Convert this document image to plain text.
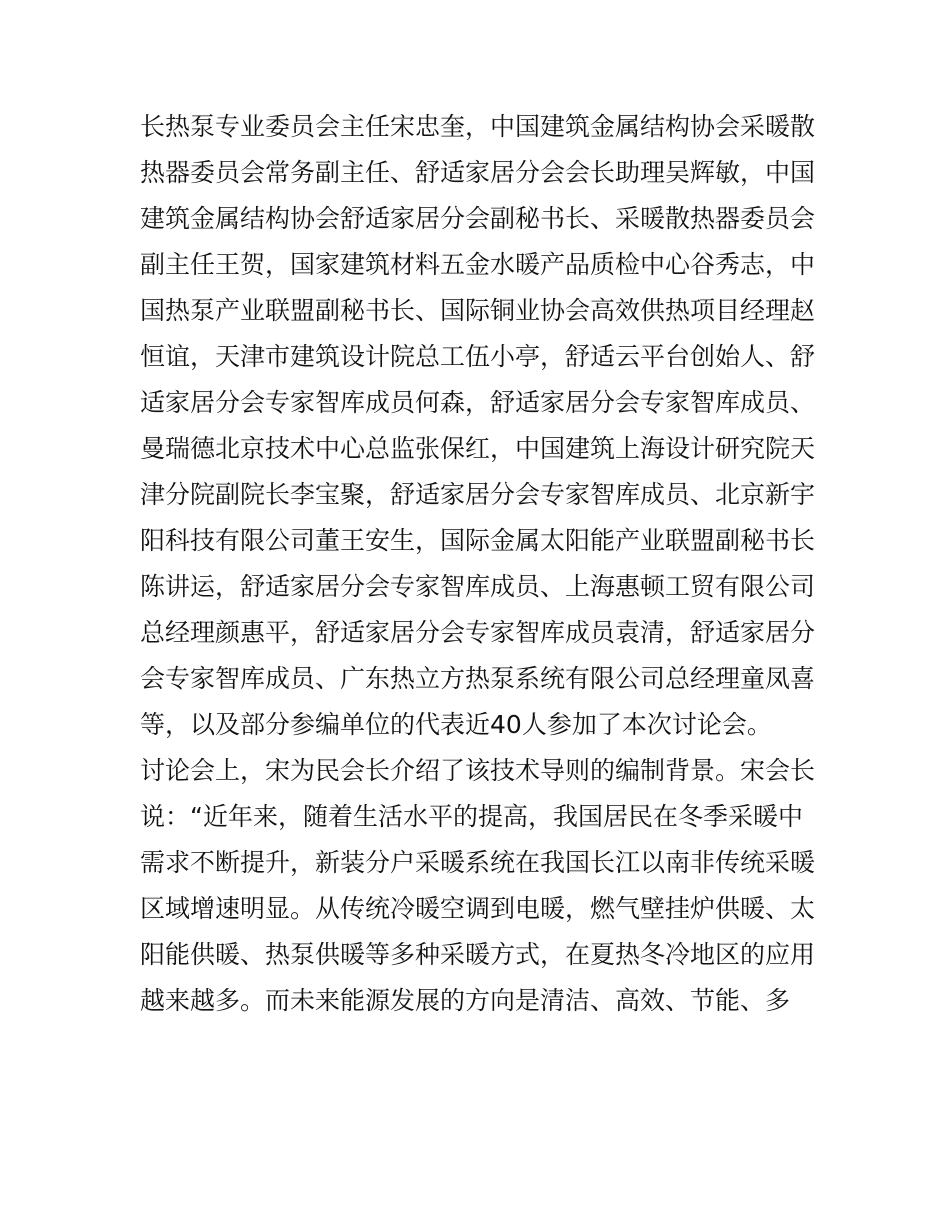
长热泵专业委员会主任宋忠奎，中国建筑金属结构协会采暖散
热器委员会常务副主任、舒适家居分会会长助理吴辉敏，中国
建筑金属结构协会舒适家居分会副秘书长、采暖散热器委员会
副主任王贺，国家建筑材料五金水暖产品质检中心谷秀志，中
国热泵产业联盟副秘书长、国际铜业协会高效供热项目经理赵
恒谊，天津市建筑设计院总工伍小亭，舒适云平台创始人、舒
适家居分会专家智库成员何森，舒适家居分会专家智库成员、
曼瑞德北京技术中心总监张保红，中国建筑上海设计研究院天
津分院副院长李宝聚，舒适家居分会专家智库成员、北京新宇
阳科技有限公司董王安生，国际金属太阳能产业联盟副秘书长
陈讲运，舒适家居分会专家智库成员、上海惠顿工贸有限公司
总经理颜惠平，舒适家居分会专家智库成员袁清，舒适家居分
会专家智库成员、广东热立方热泵系统有限公司总经理童凤喜
等，以及部分参编单位的代表近40人参加了本次讨论会。
讨论会上，宋为民会长介绍了该技术导则的编制背景。宋会长
说：“近年来，随着生活水平的提高，我国居民在冬季采暖中
需求不断提升，新装分户采暖系统在我国长江以南非传统采暖
区域增速明显。从传统冷暖空调到电暖，燃气壁挂炉供暖、太
阳能供暖、热泵供暖等多种采暖方式，在夏热冬冷地区的应用
越来越多。而未来能源发展的方向是清洁、高效、节能、多
